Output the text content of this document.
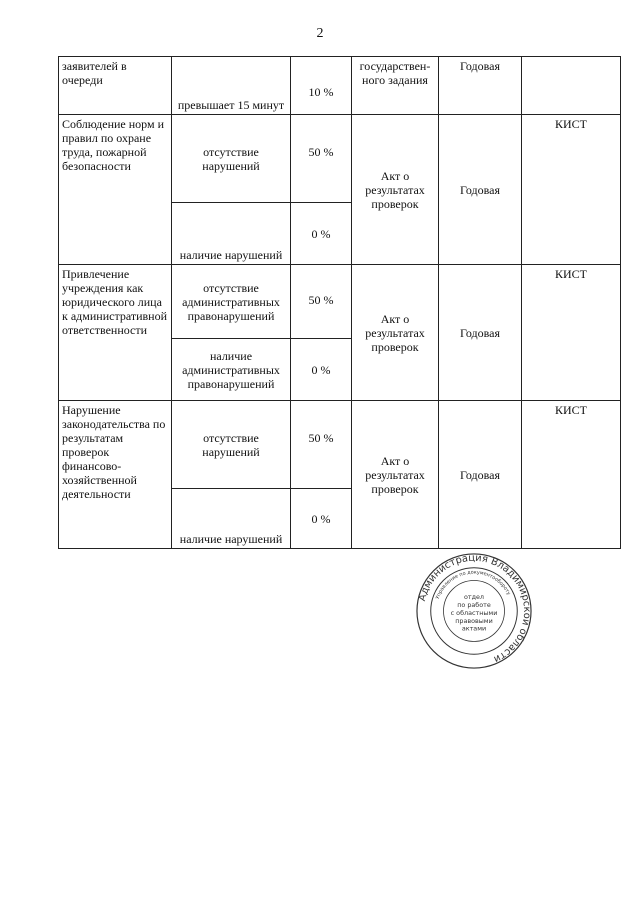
2
заявителей в очереди	превышает 15 минут	10 %	государствен-ного задания	Годовая	
Соблюдение норм и правил по охране труда, пожарной безопасности	отсутствие нарушений	50 %	Акт о результатах проверок	Годовая	КИСТ
	наличие нарушений	0 %			
Привлечение учреждения как юридического лица к административной ответственности	отсутствие административных правонарушений	50 %	Акт о результатах проверок	Годовая	КИСТ
	наличие административных правонарушений	0 %			
Нарушение законодательства по результатам проверок финансово-хозяйственной деятельности	отсутствие нарушений	50 %	Акт о результатах проверок	Годовая	КИСТ
	наличие нарушений	0 %			
Администрация Владимирской области
Управление по документообороту
отдел
по работе
с областными
правовыми
актами
